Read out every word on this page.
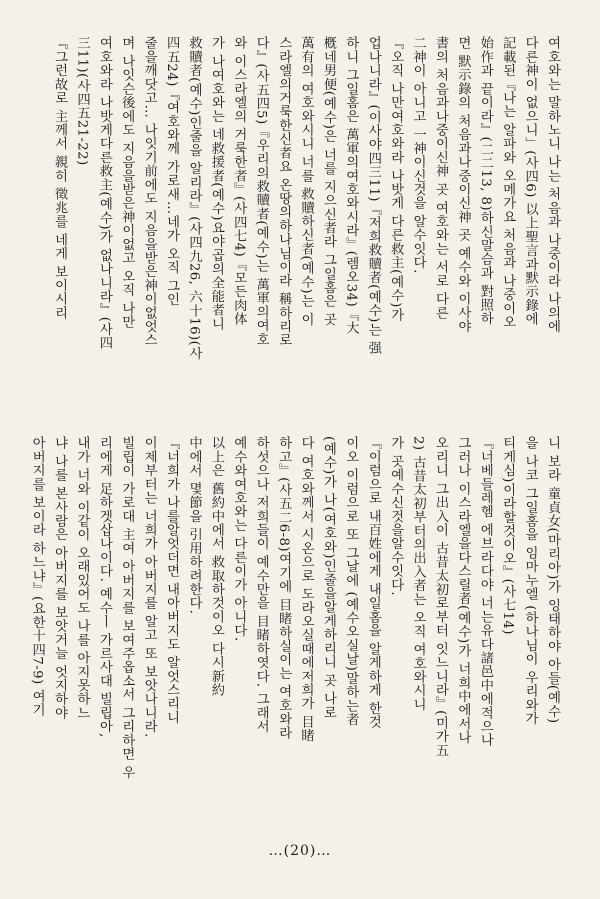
여호와는 말하노니 나는 처음과 나중이라 나의에
다른神이 없으니」(사四6) 以上聖言과默示錄에
記載된『나는 알파와 오메가요 처음과 나중이오
始作과 끝이라』(二二13, 8)하신말슴과 對照하
면 默示錄의 처음과나중이신神 곳 예수와 이사야
書의 처음과나중이신神 곳 여호와는 서로 다른
二神이 아니고 一神이신것을 알수잇다.
『오직 나만여호와라 나밧게 다른救主(예수)가
업나니라』(이사야四三11)『저희救贖者(예수)는 强
하니 그일홈은 萬軍의여호와시라』(렘오34)『大
槪네男便(예수)은 너를 지으신者라 그일홈은 곳
萬有의 여호와시니 너를 救贖하신者(예수)는 이
스라엘의거룩한신者요 온땅의하나님이라 稱하리로
다』(사五四5)『우리의救贖者(예수)는 萬軍의여호
와 이스라엘의 거룩한者』(사四七4)『모든肉体
가 나여호와는 네救援者(예수)요야곱의全能者니
救贖者(예수)인줄을 알리라』(사四九26, 六十16)(사
四五24)『여호와께 가로새…네가 오직 그인
줄을깨닷고… 나잇기前에도 지음을받은神이없엇스
며 나잇슨後에도 지음을받은神이없고 오직 나만
여호와라 나밧게다른救主(예수)가 없나니라』(사四
三11)(사四五21-22)
『그런故로 主께서 親히 徵兆를 네게 보이시리
니 보라 童貞女(마리아)가 잉태하야 아들(예수)
을 나코 그일홈을 임마누엘 (하나님이 우리와가
티게심)이라할것이오』(사七14)
『너베들레헴 에브라다야 너는유다諸邑中에적으나
그러나 이스라엘을다스릴者(예수)가 너희中에서나
오리니 그出入이 古昔太初로부터 잇느니라』(미가五
2) 古昔太初부터의出入者는 오직 여호와시니
가 곳예수신것을알수잇다.
『이럼으로 내百姓에게 내일홈을 알게하게 한것
이오 이럼으로 또 그날에 (예수오실날)말하는者
(예수)가 나(여호와)인줄을알게하리니 곳 나로
다 여호와께서 시온으로 도라오실때에저희가 目睹
하고』(사五二6-8)여기에 目睹하실이는 여호와라
하섯으나 저희들이 예수만을 目睹하엿다. 그래서
예수와여호와는 다른이가 아니다.
以上은 舊約中에서 救取하것이오 다시新約
中에서 몇節을 引用하려한다.
『너희가 나를알엇더면 내아버지도 알엇스리니
이제부터는 너희가 아버지를 알고 또 보앗나니라.
빌립이 가로대 主여 아버지를 보여주옵소서 그리하면 우
리에게 足하겟삽나이다. 예수ㅣ 가르사대 빌립아,
내가 너와 이같이 오래있어도 나를 아지못하느
냐 나를 본사람은 아버지를 보앗거늘 엇지하야
아버지를 보이라 하느냐』(요한十四7-9) 여기
…(20)…
